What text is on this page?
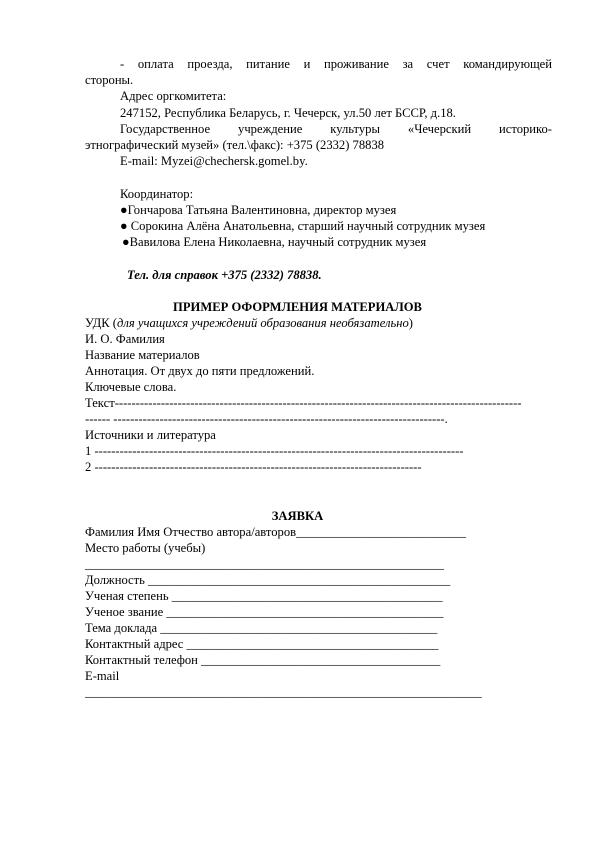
- оплата проезда, питание и проживание за счет командирующей
стороны.
Адрес оргкомитета:
247152, Республика Беларусь, г. Чечерск, ул.50 лет БССР, д.18.
Государственное учреждение культуры «Чечерский историко-
этнографический музей» (тел.\факс): +375 (2332) 78838
E-mail: Myzei@chechersk.gomel.by.
Координатор:
●Гончарова Татьяна Валентиновна, директор музея
● Сорокина Алёна Анатольевна, старший научный сотрудник музея
●Вавилова Елена Николаевна, научный сотрудник музея
Тел. для справок +375 (2332) 78838.
ПРИМЕР ОФОРМЛЕНИЯ МАТЕРИАЛОВ
УДК (для учащихся учреждений образования необязательно)
И. О. Фамилия
Название материалов
Аннотация. От двух до пяти предложений.
Ключевые слова.
Текст-------------------------------------------------------------------------------------------------
------ -------------------------------------------------------------------------------.
Источники и литература
1 ----------------------------------------------------------------------------------------
2 ------------------------------------------------------------------------------
ЗАЯВКА
Фамилия Имя Отчество автора/авторов___________________________
Место работы (учебы)
_________________________________________________________
Должность ________________________________________________
Ученая степень ___________________________________________
Ученое звание ____________________________________________
Тема доклада ____________________________________________
Контактный адрес ________________________________________
Контактный телефон ______________________________________
E-mail
_______________________________________________________________
